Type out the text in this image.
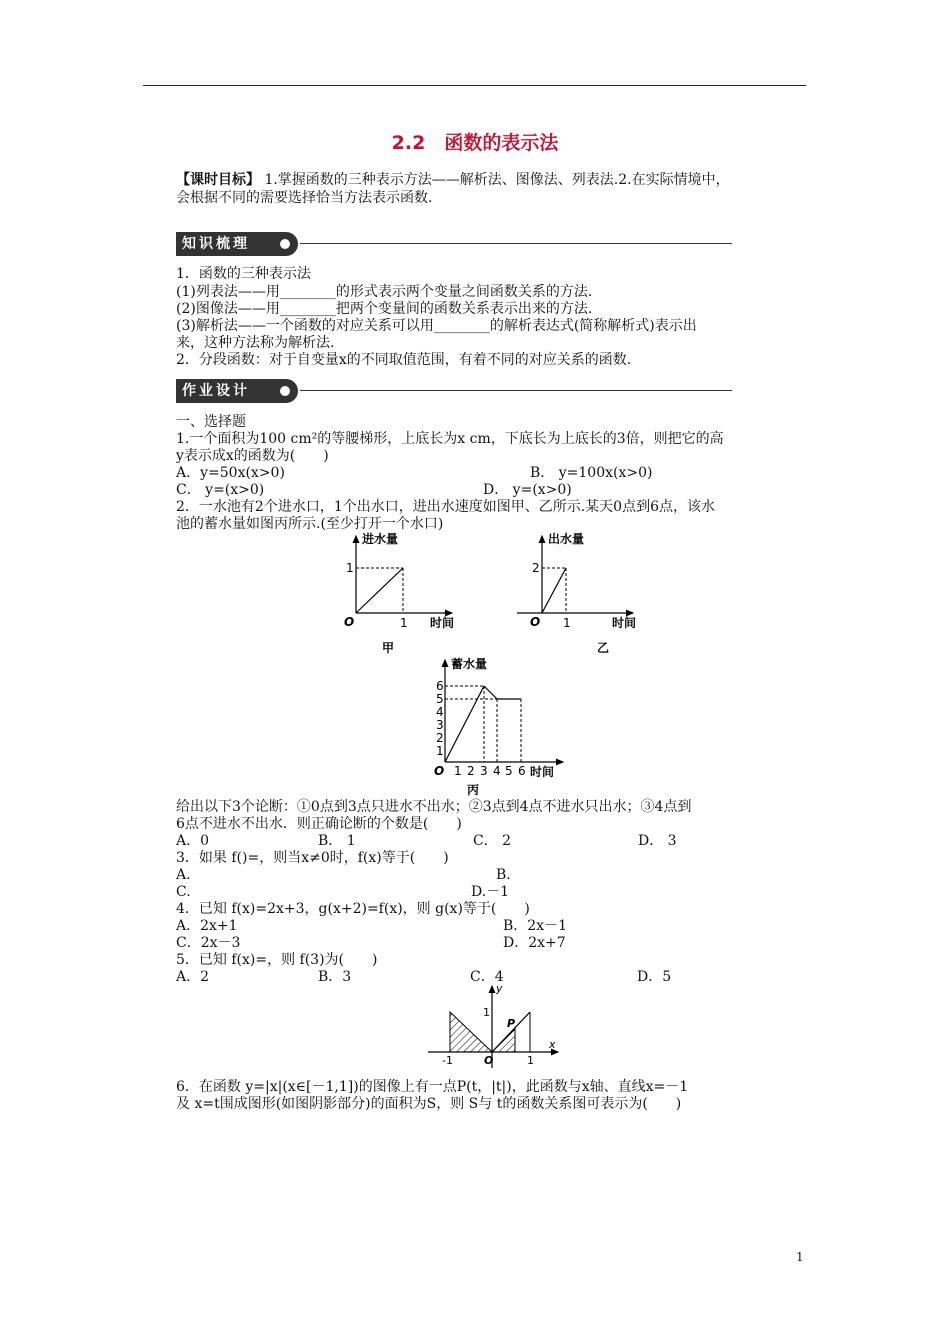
2.2　函数的表示法
【课时目标】 1.掌握函数的三种表示方法——解析法、图像法、列表法.2.在实际情境中，
会根据不同的需要选择恰当方法表示函数.
知识梳理
1．函数的三种表示法
(1)列表法——用________的形式表示两个变量之间函数关系的方法.
(2)图像法——用________把两个变量间的函数关系表示出来的方法.
(3)解析法——一个函数的对应关系可以用________的解析表达式(简称解析式)表示出
来，这种方法称为解析法.
2．分段函数：对于自变量x的不同取值范围，有着不同的对应关系的函数.
作业设计
一、选择题
1.一个面积为100 cm²的等腰梯形，上底长为x cm，下底长为上底长的3倍，则把它的高
y表示成x的函数为(　　)
A．y=50x(x>0)	B． y=100x(x>0)
C． y=(x>0)	D． y=(x>0)
2．一水池有2个进水口，1个出水口，进出水速度如图甲、乙所示.某天0点到6点，该水
池的蓄水量如图丙所示.(至少打开一个水口)
进水量
时间
O
1
1
甲
出水量
时间
O
2
1
乙
蓄水量
时间
O
6
5
4
3
2
1
1 2 3 4 5 6
丙
给出以下3个论断：①0点到3点只进水不出水；②3点到4点不进水只出水；③4点到
6点不进水不出水．则正确论断的个数是(　　)
A．0	B． 1	C． 2	D． 3
3．如果 f()=，则当x≠0时，f(x)等于(　　)
A.	B.
C.	D.－1
4．已知 f(x)=2x+3，g(x+2)=f(x)，则 g(x)等于(　　)
A．2x+1	B．2x－1
C．2x－3	D．2x+7
5．已知 f(x)=，则 f(3)为(　　)
A．2	B．3	C．4	D．5
y
x
O
-1	1
1
P
6．在函数 y=|x|(x∈[－1,1])的图像上有一点P(t，|t|)，此函数与x轴、直线x=－1
及 x=t围成图形(如图阴影部分)的面积为S，则 S与 t的函数关系图可表示为(　　)
1
